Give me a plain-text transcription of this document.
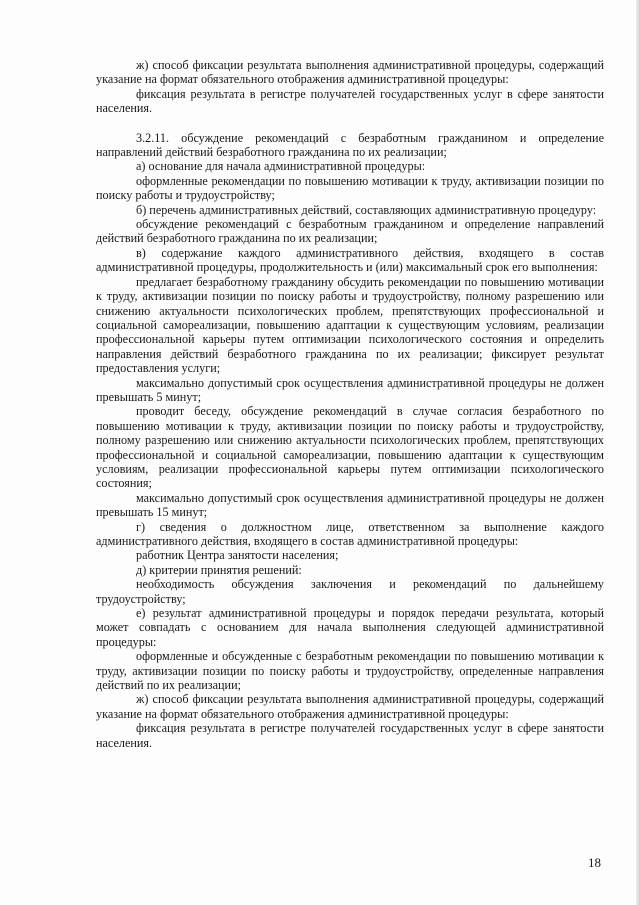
ж) способ фиксации результата выполнения административной процедуры, содержащий указание на формат обязательного отображения административной процедуры:

фиксация результата в регистре получателей государственных услуг в сфере занятости населения.

3.2.11. обсуждение рекомендаций с безработным гражданином и определение направлений действий безработного гражданина по их реализации;

а) основание для начала административной процедуры:

оформленные рекомендации по повышению мотивации к труду, активизации позиции по поиску работы и трудоустройству;

б) перечень административных действий, составляющих административную процедуру:

обсуждение рекомендаций с безработным гражданином и определение направлений действий безработного гражданина по их реализации;

в) содержание каждого административного действия, входящего в состав административной процедуры, продолжительность и (или) максимальный срок его выполнения:

предлагает безработному гражданину обсудить рекомендации по повышению мотивации к труду, активизации позиции по поиску работы и трудоустройству, полному разрешению или снижению актуальности психологических проблем, препятствующих профессиональной и социальной самореализации, повышению адаптации к существующим условиям, реализации профессиональной карьеры путем оптимизации психологического состояния и определить направления действий безработного гражданина по их реализации; фиксирует результат предоставления услуги;

максимально допустимый срок осуществления административной процедуры не должен превышать 5 минут;

проводит беседу, обсуждение рекомендаций в случае согласия безработного по повышению мотивации к труду, активизации позиции по поиску работы и трудоустройству, полному разрешению или снижению актуальности психологических проблем, препятствующих профессиональной и социальной самореализации, повышению адаптации к существующим условиям, реализации профессиональной карьеры путем оптимизации психологического состояния;

максимально допустимый срок осуществления административной процедуры не должен превышать 15 минут;

г) сведения о должностном лице, ответственном за выполнение каждого административного действия, входящего в состав административной процедуры:

работник Центра занятости населения;

д) критерии принятия решений:

необходимость обсуждения заключения и рекомендаций по дальнейшему трудоустройству;

е) результат административной процедуры и порядок передачи результата, который может совпадать с основанием для начала выполнения следующей административной процедуры:

оформленные и обсужденные с безработным рекомендации по повышению мотивации к труду, активизации позиции по поиску работы и трудоустройству, определенные направления действий по их реализации;

ж) способ фиксации результата выполнения административной процедуры, содержащий указание на формат обязательного отображения административной процедуры:

фиксация результата в регистре получателей государственных услуг в сфере занятости населения.

18
